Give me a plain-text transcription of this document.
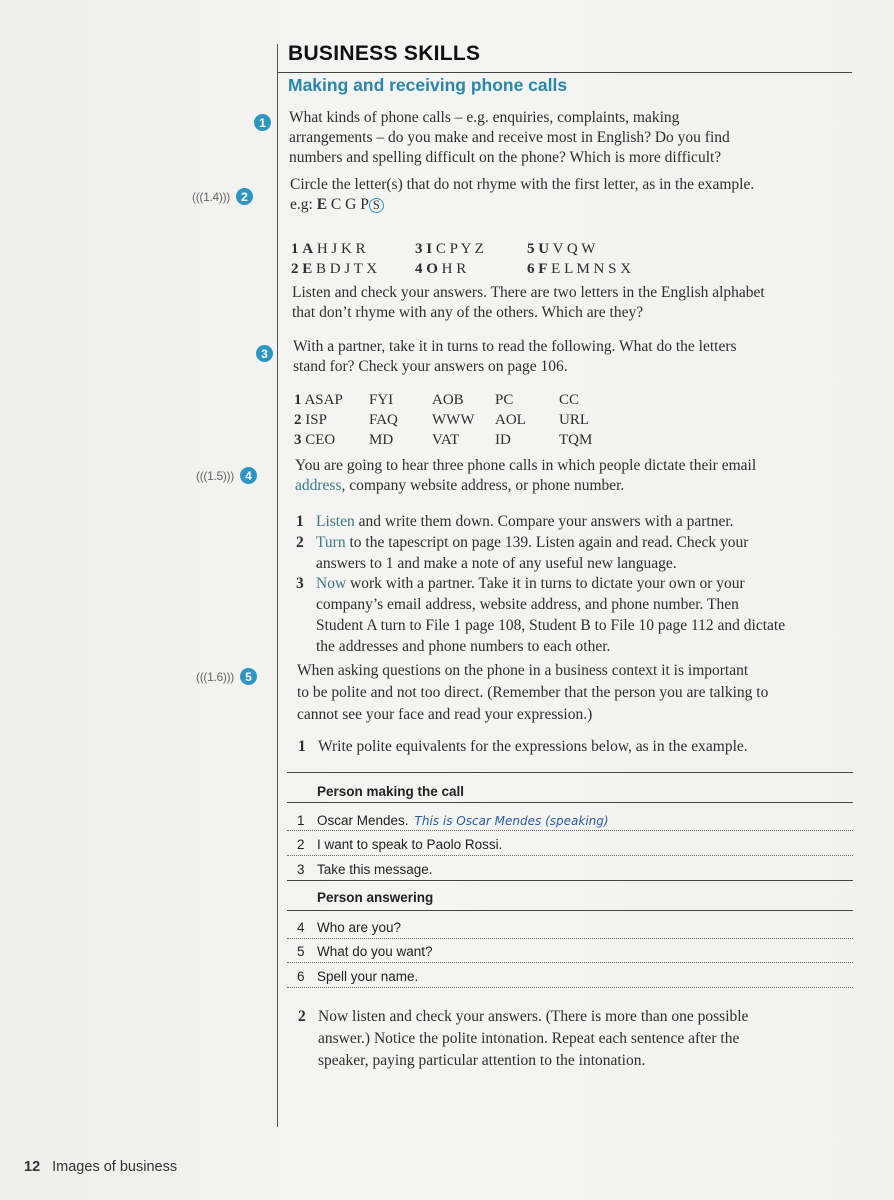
BUSINESS SKILLS
Making and receiving phone calls
1	What kinds of phone calls – e.g. enquiries, complaints, making
arrangements – do you make and receive most in English? Do you find
numbers and spelling difficult on the phone? Which is more difficult?
(((1.4))) 2
Circle the letter(s) that do not rhyme with the first letter, as in the example.
e.g: E C G P S
1 A H J K R	3 I C P Y Z	5 U V Q W
2 E B D J T X	4 O H R	6 F E L M N S X
Listen and check your answers. There are two letters in the English alphabet
that don’t rhyme with any of the others. Which are they?
3	With a partner, take it in turns to read the following. What do the letters
stand for? Check your answers on page 106.
1 ASAP	FYI	AOB	PC	CC
2 ISP	FAQ	WWW	AOL	URL
3 CEO	MD	VAT	ID	TQM
(((1.5))) 4
You are going to hear three phone calls in which people dictate their email
address, company website address, or phone number.
1 Listen and write them down. Compare your answers with a partner.
2 Turn to the tapescript on page 139. Listen again and read. Check your
answers to 1 and make a note of any useful new language.
3 Now work with a partner. Take it in turns to dictate your own or your
company’s email address, website address, and phone number. Then
Student A turn to File 1 page 108, Student B to File 10 page 112 and dictate
the addresses and phone numbers to each other.
(((1.6))) 5	When asking questions on the phone in a business context it is important
to be polite and not too direct. (Remember that the person you are talking to
cannot see your face and read your expression.)
1 Write polite equivalents for the expressions below, as in the example.
Person making the call
1 Oscar Mendes. This is Oscar Mendes (speaking)
2 I want to speak to Paolo Rossi.
3 Take this message.
Person answering
4 Who are you?
5 What do you want?
6 Spell your name.
2 Now listen and check your answers. (There is more than one possible
answer.) Notice the polite intonation. Repeat each sentence after the
speaker, paying particular attention to the intonation.
12 Images of business
